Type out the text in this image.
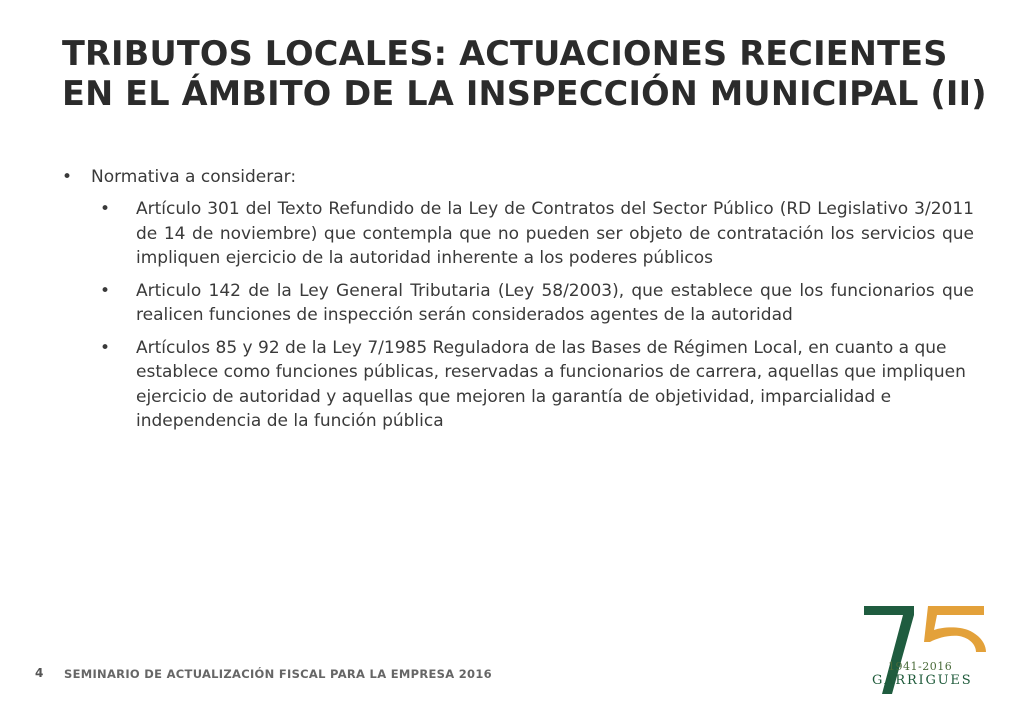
TRIBUTOS LOCALES: ACTUACIONES RECIENTES
EN EL ÁMBITO DE LA INSPECCIÓN MUNICIPAL (II)
• Normativa a considerar:
• Artículo 301 del Texto Refundido de la Ley de Contratos del Sector Público (RD Legislativo 3/2011 de 14 de noviembre) que contempla que no pueden ser objeto de contratación los servicios que impliquen ejercicio de la autoridad inherente a los poderes públicos
• Articulo 142 de la Ley General Tributaria (Ley 58/2003), que establece que los funcionarios que realicen funciones de inspección serán considerados agentes de la autoridad
• Artículos 85 y 92 de la Ley 7/1985 Reguladora de las Bases de Régimen Local, en cuanto a que establece como funciones públicas, reservadas a funcionarios de carrera, aquellas que impliquen ejercicio de autoridad y aquellas que mejoren la garantía de objetividad, imparcialidad e independencia de la función pública
4 SEMINARIO DE ACTUALIZACIÓN FISCAL PARA LA EMPRESA 2016
1941-2016
GARRIGUES
